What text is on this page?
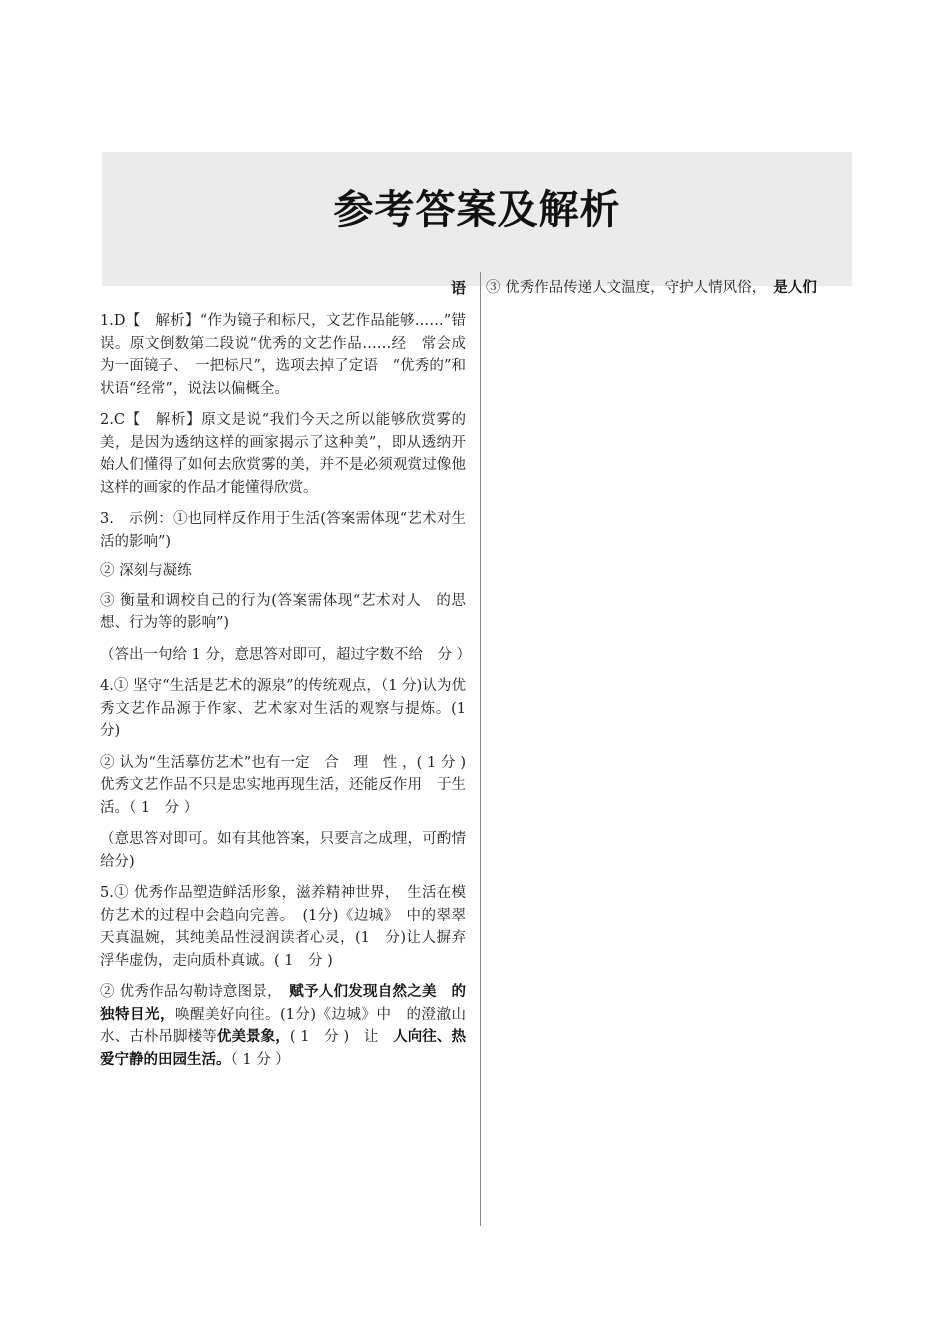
参考答案及解析
语

1.D【　解析】“作为镜子和标尺，文艺作品能够……”错误。原文倒数第二段说“优秀的文艺作品……经　常会成为一面镜子、　一把标尺”，选项去掉了定语　“优秀的”和状语“经常”，说法以偏概全。

2.C【　解析】原文是说“我们今天之所以能够欣赏雾的美，是因为透纳这样的画家揭示了这种美”，即从透纳开始人们懂得了如何去欣赏雾的美，并不是必须观赏过像他这样的画家的作品才能懂得欣赏。

3.　示例：①也同样反作用于生活(答案需体现“艺术对生活的影响”)

② 深刻与凝练

③ 衡量和调校自己的行为(答案需体现“艺术对人　的思想、行为等的影响”)

（答出一句给 1 分，意思答对即可，超过字数不给　分 ）

4.① 坚守“生活是艺术的源泉”的传统观点，（1 分)认为优秀文艺作品源于作家、艺术家对生活的观察与提炼。(1 分)

② 认为“生活摹仿艺术”也有一定　合　理　性 ，( 1 分 ) 优秀文艺作品不只是忠实地再现生活，还能反作用　于生活。（ 1　分 ）

（意思答对即可。如有其他答案，只要言之成理，可酌情给分)

5.① 优秀作品塑造鲜活形象，滋养精神世界，　生活在模仿艺术的过程中会趋向完善。　(1分)《边城》　中的翠翠天真温婉，其纯美品性浸润读者心灵，(1　分)让人摒弃浮华虚伪，走向质朴真诚。( 1　分 )

② 优秀作品勾勒诗意图景，　赋予人们发现自然之美　的独特目光，唤醒美好向往。(1分)《边城》中　的澄澈山水、古朴吊脚楼等优美景象，( 1　分 )　让　人向往、热爱宁静的田园生活。（ 1 分 ）

③ 优秀作品传递人文温度，守护人情风俗，　是人们
